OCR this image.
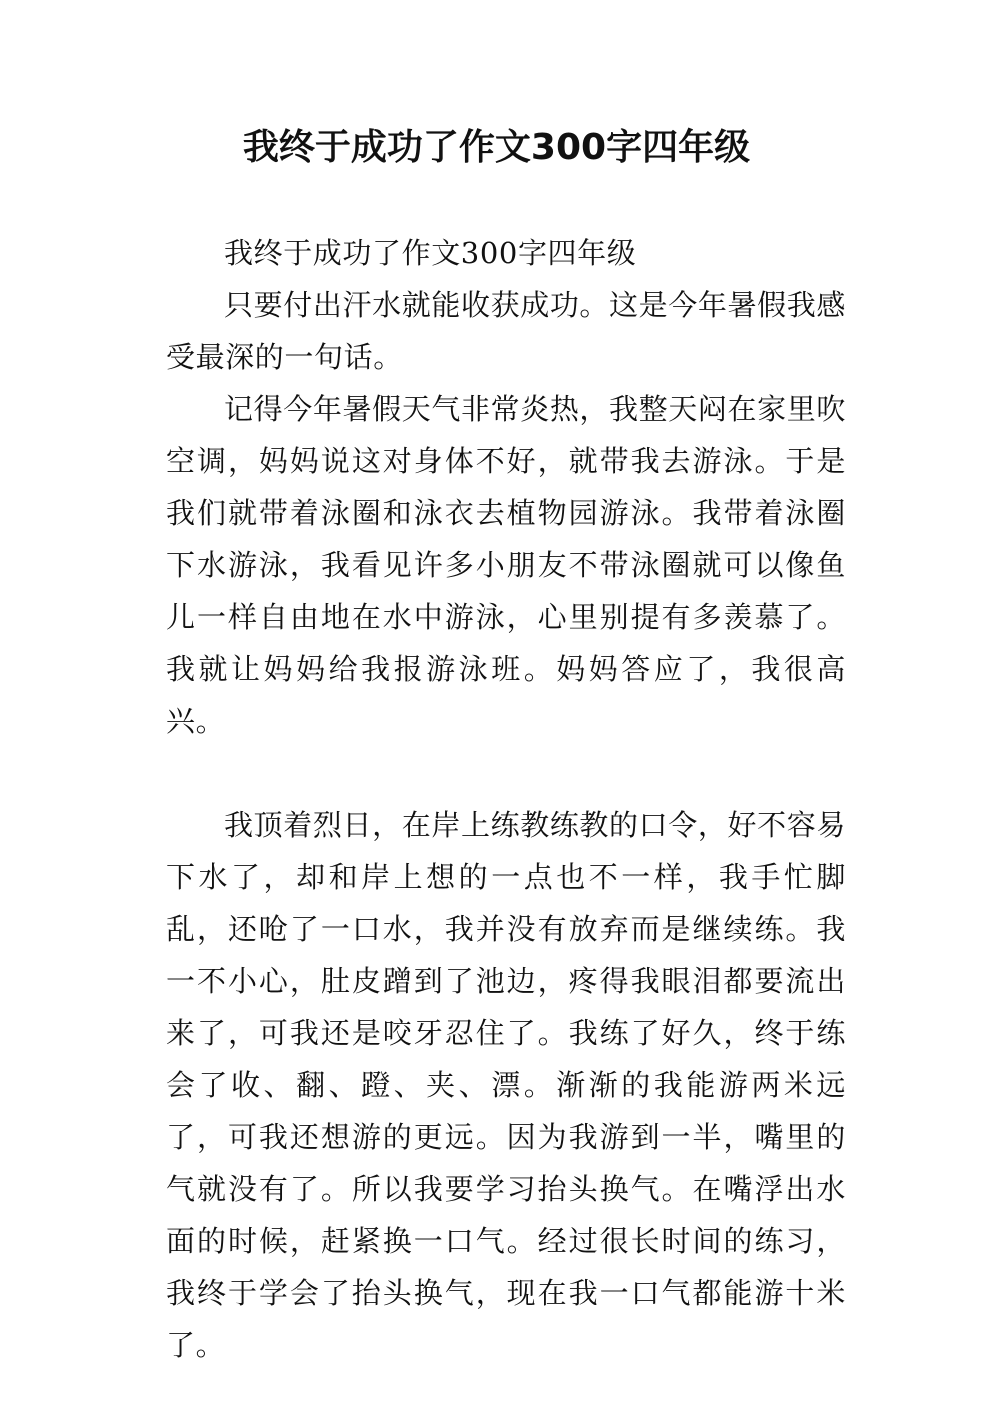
我终于成功了作文300字四年级

我终于成功了作文300字四年级

只要付出汗水就能收获成功。这是今年暑假我感受最深的一句话。

记得今年暑假天气非常炎热，我整天闷在家里吹空调，妈妈说这对身体不好，就带我去游泳。于是我们就带着泳圈和泳衣去植物园游泳。我带着泳圈下水游泳，我看见许多小朋友不带泳圈就可以像鱼儿一样自由地在水中游泳，心里别提有多羡慕了。我就让妈妈给我报游泳班。妈妈答应了，我很高兴。

我顶着烈日，在岸上练教练教的口令，好不容易下水了，却和岸上想的一点也不一样，我手忙脚乱，还呛了一口水，我并没有放弃而是继续练。我一不小心，肚皮蹭到了池边，疼得我眼泪都要流出来了，可我还是咬牙忍住了。我练了好久，终于练会了收、翻、蹬、夹、漂。渐渐的我能游两米远了，可我还想游的更远。因为我游到一半，嘴里的气就没有了。所以我要学习抬头换气。在嘴浮出水面的时候，赶紧换一口气。经过很长时间的练习，我终于学会了抬头换气，现在我一口气都能游十米了。
